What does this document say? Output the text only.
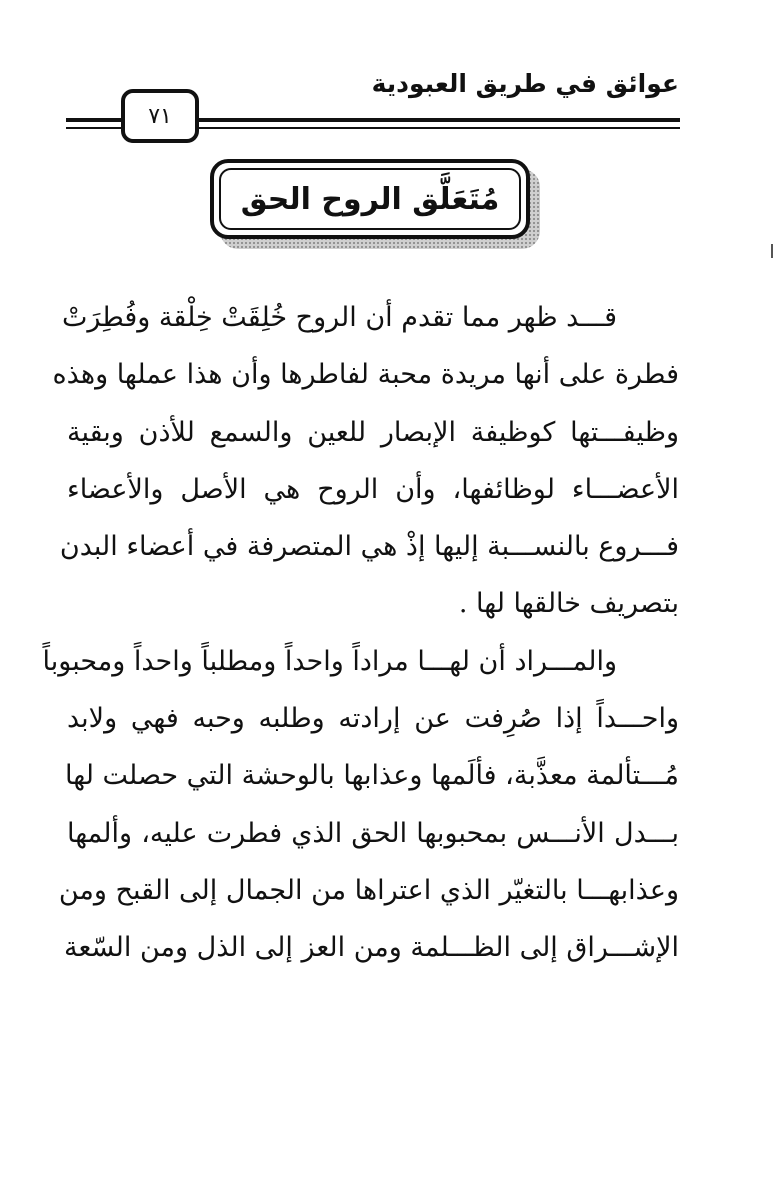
عوائق في طريق العبودية
٧١
مُتَعَلَّق الروح الحق
قـــد ظهر مما تقدم أن الروح خُلِقَتْ خِلْقة وفُطِرَتْ
فطرة على أنها مريدة محبة لفاطرها وأن هذا عملها وهذه
وظيفـــتها كوظيفة الإبصار للعين والسمع للأذن وبقية
الأعضـــاء لوظائفها، وأن الروح هي الأصل والأعضاء
فـــروع بالنســـبة إليها إذْ هي المتصرفة في أعضاء البدن
بتصريف خالقها لها .
والمـــراد أن لهـــا مراداً واحداً ومطلباً واحداً ومحبوباً
واحـــداً إذا صُرِفت عن إرادته وطلبه وحبه فهي ولابد
مُـــتألمة معذَّبة، فألَمها وعذابها بالوحشة التي حصلت لها
بـــدل الأنـــس بمحبوبها الحق الذي فطرت عليه، وألمها
وعذابهـــا بالتغيّر الذي اعتراها من الجمال إلى القبح ومن
الإشـــراق إلى الظـــلمة ومن العز إلى الذل ومن السّعة
